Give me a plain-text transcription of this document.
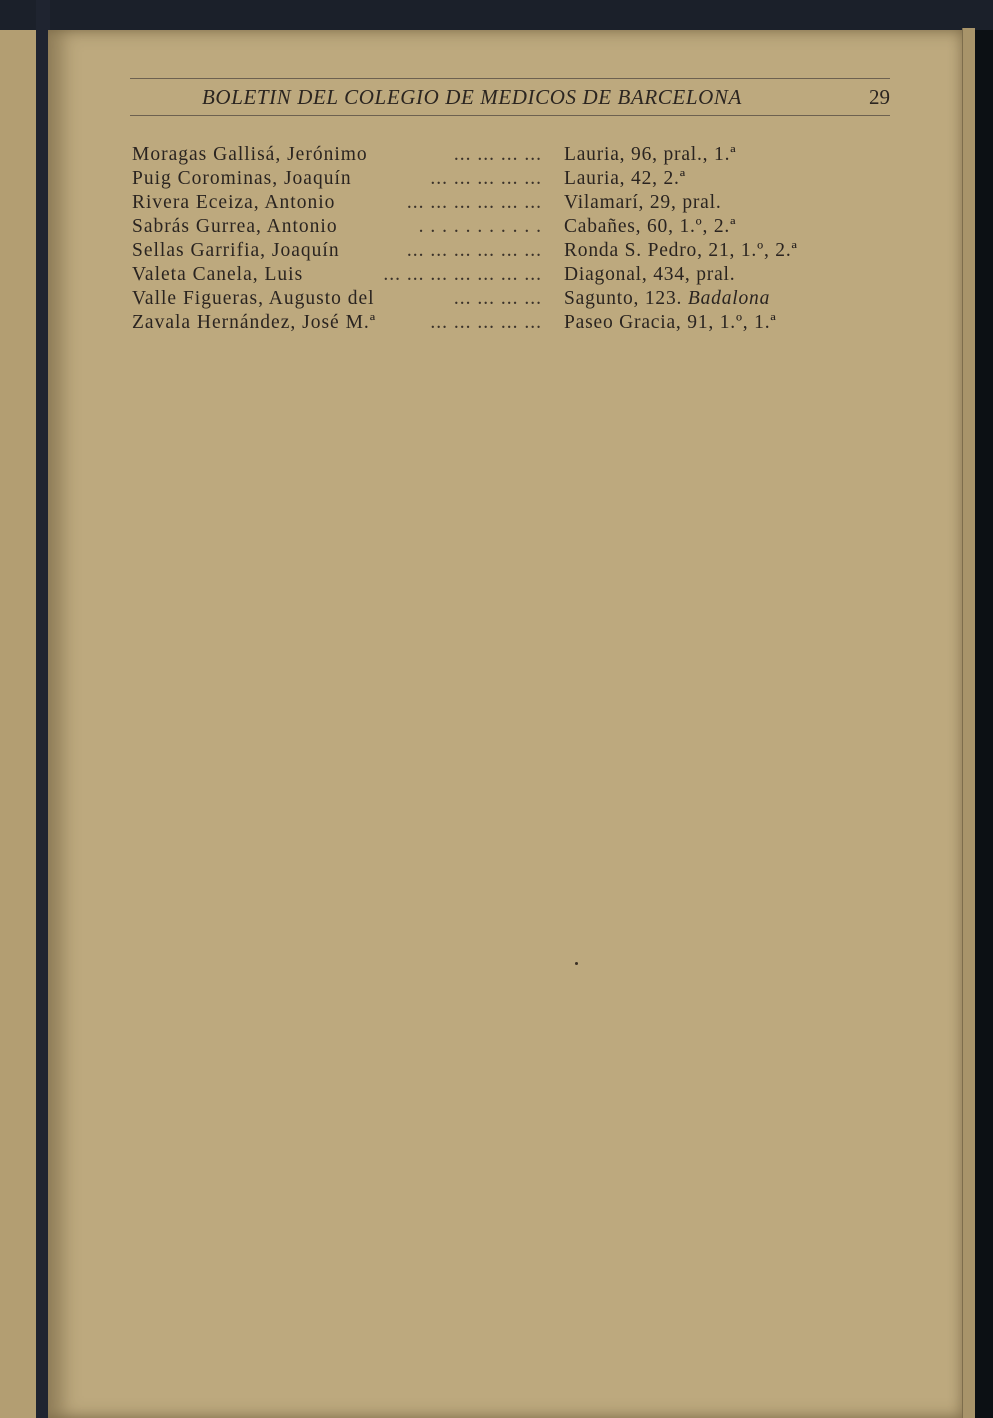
BOLETIN DEL COLEGIO DE MEDICOS DE BARCELONA	29
Moragas Gallisá, Jerónimo	... ... ... ... Lauria, 96, pral., 1.ª
Puig Corominas, Joaquín	... ... ... ... ... Lauria, 42, 2.ª
Rivera Eceiza, Antonio	... ... ... ... ... ... Vilamarí, 29, pral.
Sabrás Gurrea, Antonio	. . . . . . . . . . . Cabañes, 60, 1.º, 2.ª
Sellas Garrifia, Joaquín	... ... ... ... ... ... Ronda S. Pedro, 21, 1.º, 2.ª
Valeta Canela, Luis	... ... ... ... ... ... ... Diagonal, 434, pral.
Valle Figueras, Augusto del	... ... ... ... Sagunto, 123. Badalona
Zavala Hernández, José M.ª	... ... ... ... ... Paseo Gracia, 91, 1.º, 1.ª
